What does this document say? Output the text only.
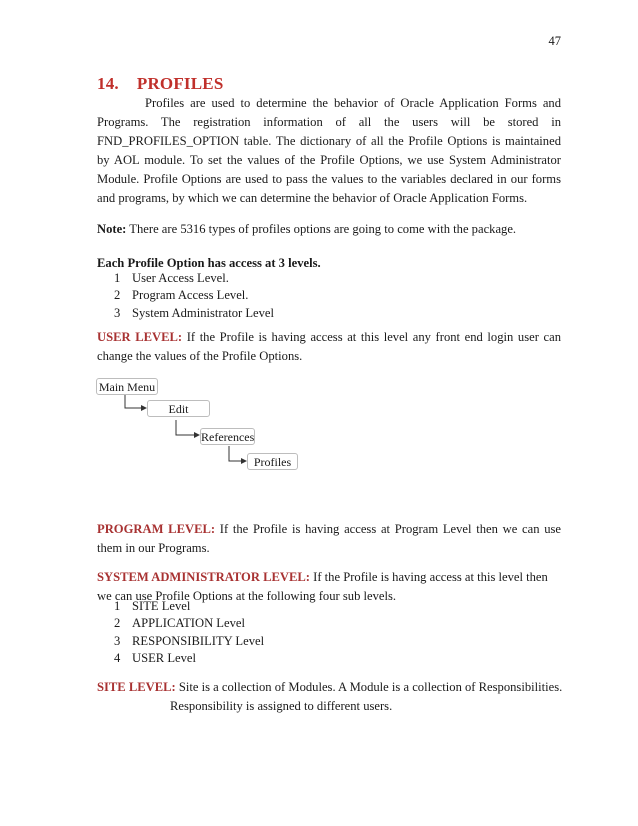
47
14. PROFILES
Profiles are used to determine the behavior of Oracle Application Forms and Programs. The registration information of all the users will be stored in FND_PROFILES_OPTION table. The dictionary of all the Profile Options is maintained by AOL module. To set the values of the Profile Options, we use System Administrator Module. Profile Options are used to pass the values to the variables declared in our forms and programs, by which we can determine the behavior of Oracle Application Forms.
Note: There are 5316 types of profiles options are going to come with the package.
Each Profile Option has access at 3 levels.
1 User Access Level.
2 Program Access Level.
3 System Administrator Level
USER LEVEL: If the Profile is having access at this level any front end login user can change the values of the Profile Options.
Main Menu
Edit
References
Profiles
PROGRAM LEVEL: If the Profile is having access at Program Level then we can use them in our Programs.
SYSTEM ADMINISTRATOR LEVEL: If the Profile is having access at this level then we can use Profile Options at the following four sub levels.
1 SITE Level
2 APPLICATION Level
3 RESPONSIBILITY Level
4 USER Level
SITE LEVEL: Site is a collection of Modules. A Module is a collection of Responsibilities. Responsibility is assigned to different users.
